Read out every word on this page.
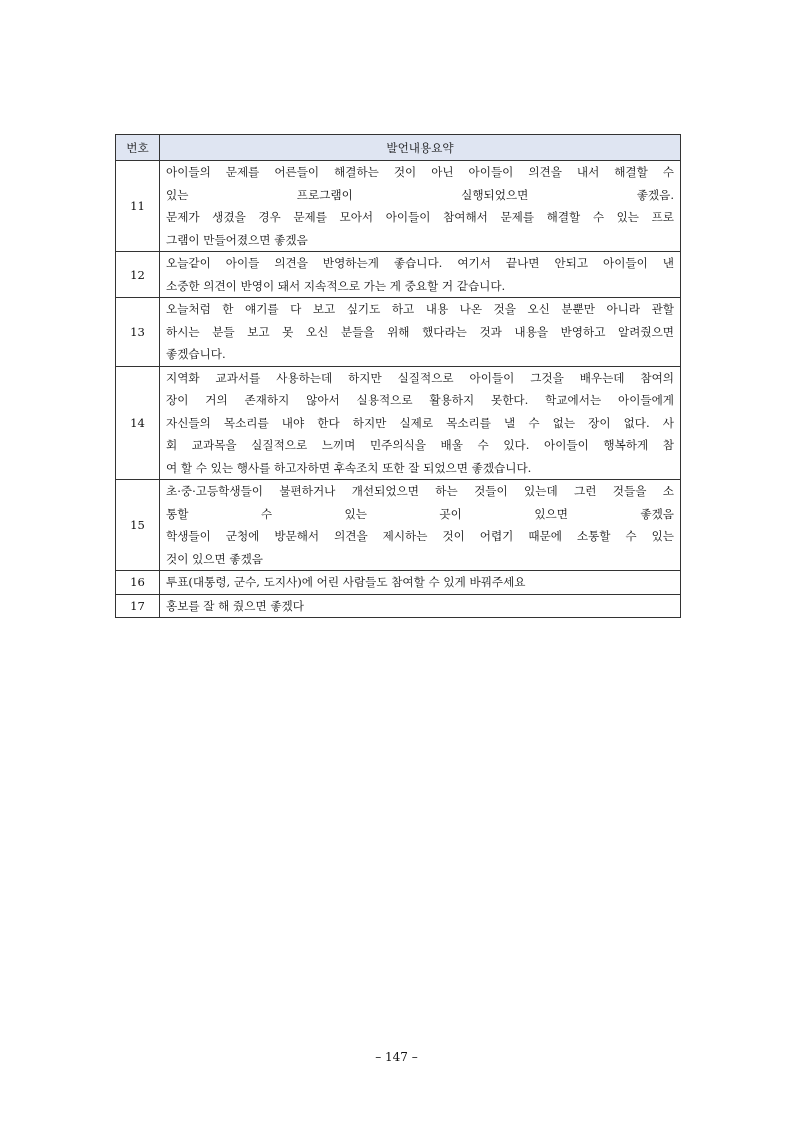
번호	발언내용요약
11	아이들의 문제를 어른들이 해결하는 것이 아닌 아이들이 의견을 내서 해결할 수
있는 프로그램이 실행되었으면 좋겠음.
문제가 생겼을 경우 문제를 모아서 아이들이 참여해서 문제를 해결할 수 있는 프로
그램이 만들어졌으면 좋겠음

12	오늘같이 아이들 의견을 반영하는게 좋습니다. 여기서 끝나면 안되고 아이들이 낸
소중한 의견이 반영이 돼서 지속적으로 가는 게 중요할 거 같습니다.

13	오늘처럼 한 얘기를 다 보고 싶기도 하고 내용 나온 것을 오신 분뿐만 아니라 관할
하시는 분들 보고 못 오신 분들을 위해 했다라는 것과 내용을 반영하고 알려줬으면
좋겠습니다.

14	지역화 교과서를 사용하는데 하지만 실질적으로 아이들이 그것을 배우는데 참여의
장이 거의 존재하지 않아서 실용적으로 활용하지 못한다. 학교에서는 아이들에게
자신들의 목소리를 내야 한다 하지만 실제로 목소리를 낼 수 없는 장이 없다. 사
회 교과목을 실질적으로 느끼며 민주의식을 배울 수 있다. 아이들이 행복하게 참
여 할 수 있는 행사를 하고자하면 후속조치 또한 잘 되었으면 좋겠습니다.

15	초·중·고등학생들이 불편하거나 개선되었으면 하는 것들이 있는데 그런 것들을 소
통할 수 있는 곳이 있으면 좋겠음
학생들이 군청에 방문해서 의견을 제시하는 것이 어렵기 때문에 소통할 수 있는
것이 있으면 좋겠음

16	투표(대통령, 군수, 도지사)에 어린 사람들도 참여할 수 있게 바꿔주세요

17	홍보를 잘 해 줬으면 좋겠다
– 147 –
